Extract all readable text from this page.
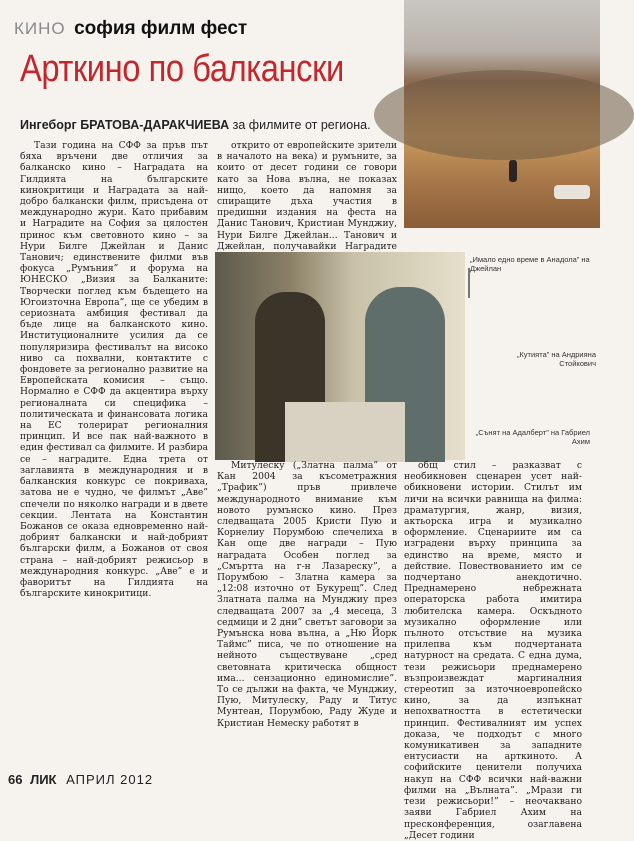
КИНО софия филм фест
Арткино по балкански
Ингеборг БРАТОВА-ДАРАКЧИЕВА за филмите от региона.

Тази година на СФФ за пръв път бяха връчени две отличия за балканско кино – Наградата на Гилдията на българските кинокритици и Наградата за най-добро балкански филм, присъдена от международно жури. Като прибавим и Наградите на София за цялостен принос към световното кино – за Нури Билге Джейлан и Данис Танович; единствените филми във фокуса „Румъния” и форума на ЮНЕСКО „Визия за Балканите: Творчески поглед към бъдещето на Югоизточна Европа”, ще се убедим в сериозната амбиция фестивал да бъде лице на балканското кино. Институционалните усилия да се популяризира фестивалът на високо ниво са похвални, контактите с фондовете за регионално развитие на Европейската комисия – също. Нормално е СФФ да акцентира върху регионалната си специфика – политическата и финансовата логика на ЕС толерират регионалния принцип. И все пак най-важното в един фестивал са филмите. И разбира се – наградите. Една трета от заглавията в международния и в балканския конкурс се покриваха, затова не е чудно, че филмът „Аве” спечели по няколко награди и в двете секции. Лентата на Константин Божанов се оказа едновременно най-добрият балкански и най-добрият български филм, а Божанов от своя страна – най-добрият режисьор в международния конкурс. „Аве” е и фаворитът на Гилдията на българските кинокритици.

открито от европейските зрители в началото на века) и румъните, за които от десет години се говори като за Нова вълна, не показах нищо, което да напомня за спиращите дъха участия в предишни издания на феста на Данис Танович, Кристиан Мунджиу, Нури Билге Джейлан... Танович и Джейлан, получавайки Наградите

„Имало едно време в Анадола” на Джейлан
„Кутията” на Андрияна Стойкович
„Сънят на Адалберт” на Габриел Ахим

Митулеску („Златна палма” от Кан 2004 за късометражния „Трафик”) пръв привлече международното внимание към новото румънско кино. През следващата 2005 Кристи Пую и Корнелиу Порумбою спечелиха в Кан още две награди – Пую наградата Особен поглед за „Смъртта на г-н Лазареску”, а Порумбою – Златна камера за „12:08 източно от Букурещ”. След Златната палма на Мунджиу през следващата 2007 за „4 месеца, 3 седмици и 2 дни” светът заговори за Румънска нова вълна, а „Ню Йорк Таймс” писа, че по отношение на нейното съществуване „сред световната критическа общност има... сензационно единомислие”. То се дължи на факта, че Мунджиу, Пую, Митулеску, Раду и Титус Мунтеан, Порумбою, Раду Жуде и Кристиан Немеску работят в

общ стил – разказват с необикновен сценарен усет най-обикновени истории. Стилът им личи на всички равнища на филма: драматургия, жанр, визия, актьорска игра и музикално оформление. Сценариите им са изградени върху принципа за единство на време, място и действие. Повествованието им се подчертано анекдотично. Преднамерено небрежната операторска работа имитира любителска камера. Оскъдното музикално оформление или пълното отсъствие на музика прилепва към подчертаната натурност на средата. С една дума, тези режисьори преднамерено възпроизвеждат маргиналния стереотип за източноевропейско кино, за да изпъкнат непохватността в естетически принцип. Фестивалният им успех доказа, че подходът с много комуникативен за западните ентусиасти на арткиното. А софийските ценители получиха накуп на СФФ всички най-важни филми на „Вълната”. „Мрази ги тези режисьори!” – неочаквано заяви Габриел Ахим на пресконференция, озаглавена „Десет години

66 ЛИК АПРИЛ 2012
